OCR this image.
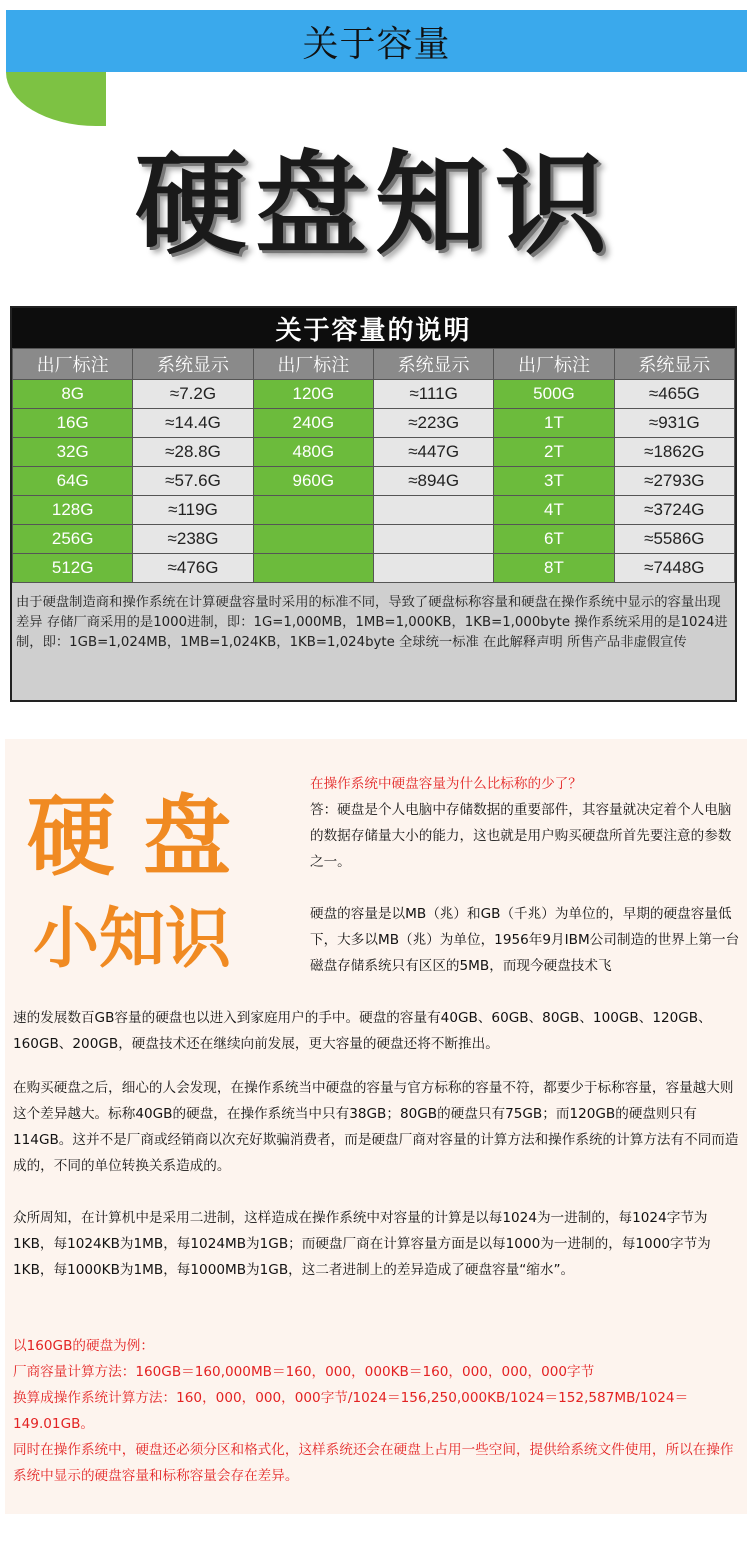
关于容量
硬盘知识
关于容量的说明
出厂标注	系统显示	出厂标注	系统显示	出厂标注	系统显示
8G	≈7.2G	120G	≈111G	500G	≈465G
16G	≈14.4G	240G	≈223G	1T	≈931G
32G	≈28.8G	480G	≈447G	2T	≈1862G
64G	≈57.6G	960G	≈894G	3T	≈2793G
128G	≈119G			4T	≈3724G
256G	≈238G			6T	≈5586G
512G	≈476G			8T	≈7448G
由于硬盘制造商和操作系统在计算硬盘容量时采用的标准不同，导致了硬盘标称容量和硬盘在操作系统中显示的容量出现差异 存储厂商采用的是1000进制，即：1G=1,000MB，1MB=1,000KB，1KB=1,000byte 操作系统采用的是1024进制，即：1GB=1,024MB，1MB=1,024KB，1KB=1,024byte 全球统一标准 在此解释声明 所售产品非虚假宣传
硬盘
小知识

在操作系统中硬盘容量为什么比标称的少了？

答：硬盘是个人电脑中存储数据的重要部件，其容量就决定着个人电脑的数据存储量大小的能力，这也就是用户购买硬盘所首先要注意的参数之一。

硬盘的容量是以MB（兆）和GB（千兆）为单位的，早期的硬盘容量低下，大多以MB（兆）为单位，1956年9月IBM公司制造的世界上第一台磁盘存储系统只有区区的5MB，而现今硬盘技术飞

速的发展数百GB容量的硬盘也以进入到家庭用户的手中。硬盘的容量有40GB、60GB、80GB、100GB、120GB、160GB、200GB，硬盘技术还在继续向前发展，更大容量的硬盘还将不断推出。

在购买硬盘之后，细心的人会发现，在操作系统当中硬盘的容量与官方标称的容量不符，都要少于标称容量，容量越大则这个差异越大。标称40GB的硬盘，在操作系统当中只有38GB；80GB的硬盘只有75GB；而120GB的硬盘则只有114GB。这并不是厂商或经销商以次充好欺骗消费者，而是硬盘厂商对容量的计算方法和操作系统的计算方法有不同而造成的，不同的单位转换关系造成的。

众所周知，在计算机中是采用二进制，这样造成在操作系统中对容量的计算是以每1024为一进制的，每1024字节为1KB，每1024KB为1MB，每1024MB为1GB；而硬盘厂商在计算容量方面是以每1000为一进制的，每1000字节为1KB，每1000KB为1MB，每1000MB为1GB，这二者进制上的差异造成了硬盘容量“缩水”。

以160GB的硬盘为例：
厂商容量计算方法：160GB＝160,000MB＝160，000，000KB＝160，000，000，000字节
换算成操作系统计算方法：160，000，000，000字节/1024＝156,250,000KB/1024＝152,587MB/1024＝149.01GB。
同时在操作系统中，硬盘还必须分区和格式化，这样系统还会在硬盘上占用一些空间，提供给系统文件使用，所以在操作系统中显示的硬盘容量和标称容量会存在差异。
